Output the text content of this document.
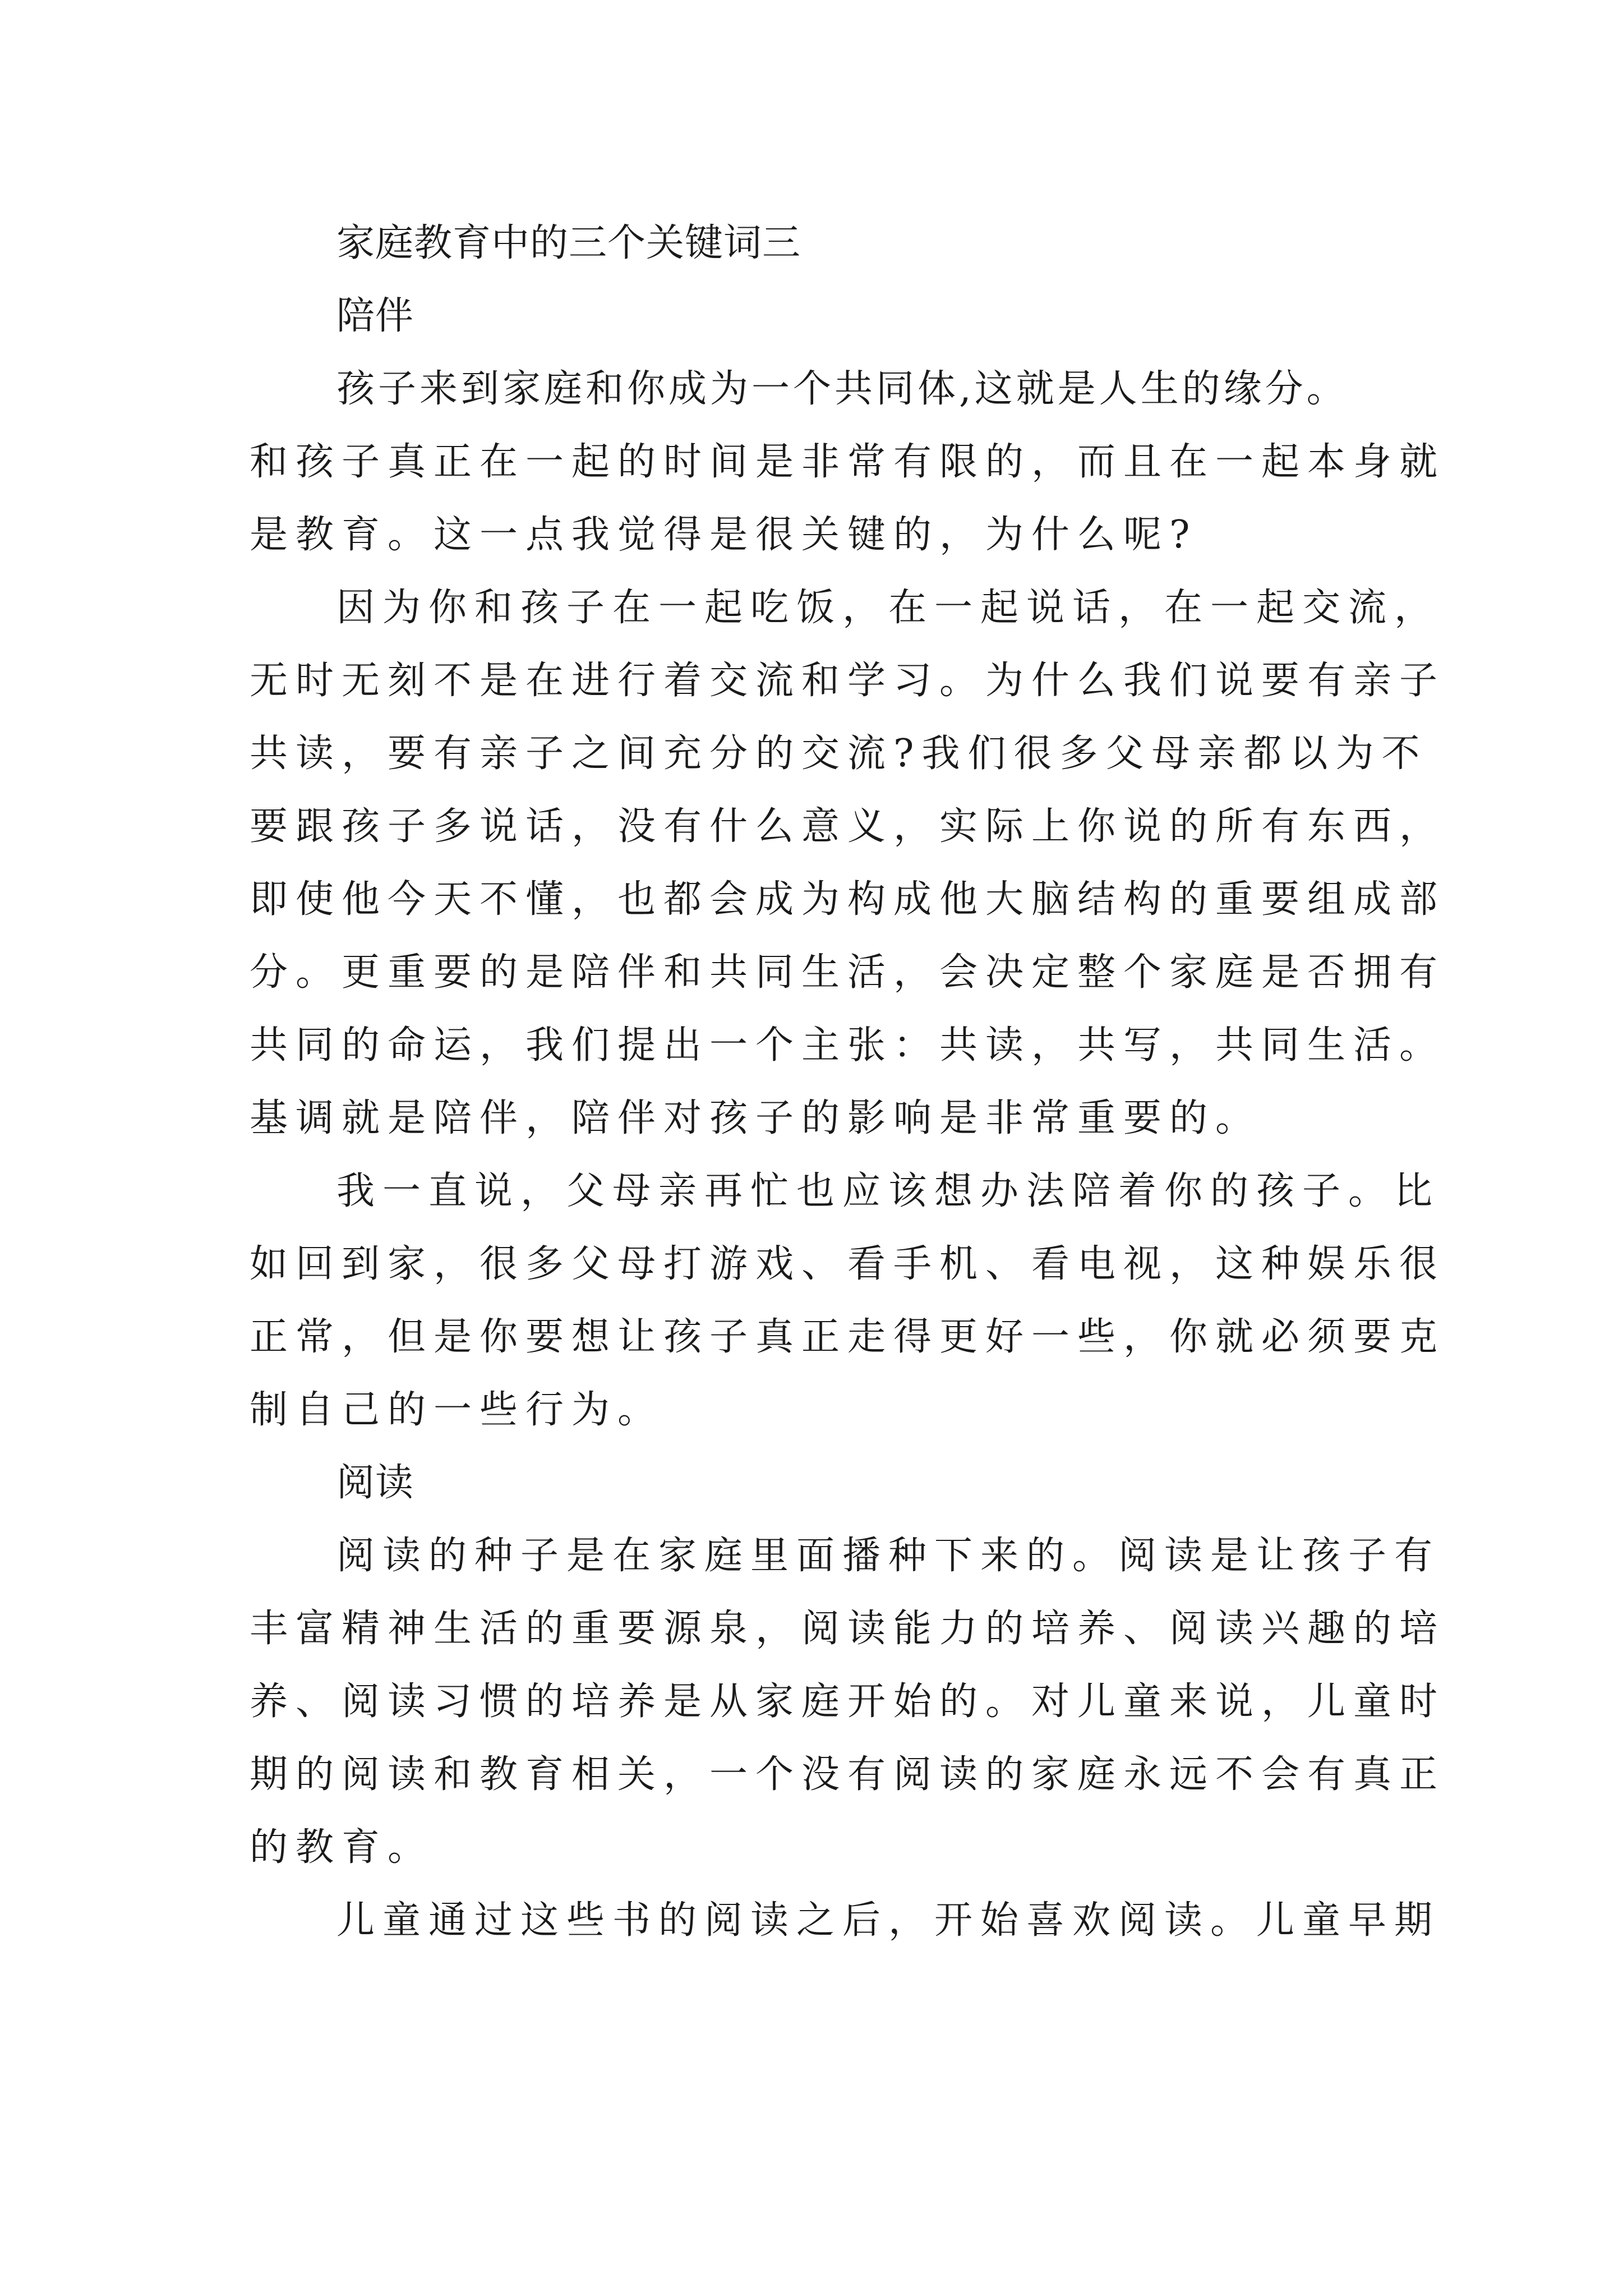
家庭教育中的三个关键词三
陪伴
孩子来到家庭和你成为一个共同体,这就是人生的缘分。
和孩子真正在一起的时间是非常有限的，而且在一起本身就
是教育。这一点我觉得是很关键的，为什么呢?
因为你和孩子在一起吃饭，在一起说话，在一起交流，
无时无刻不是在进行着交流和学习。为什么我们说要有亲子
共读，要有亲子之间充分的交流?我们很多父母亲都以为不
要跟孩子多说话，没有什么意义，实际上你说的所有东西，
即使他今天不懂，也都会成为构成他大脑结构的重要组成部
分。更重要的是陪伴和共同生活，会决定整个家庭是否拥有
共同的命运，我们提出一个主张：共读，共写，共同生活。
基调就是陪伴，陪伴对孩子的影响是非常重要的。
我一直说，父母亲再忙也应该想办法陪着你的孩子。比
如回到家，很多父母打游戏、看手机、看电视，这种娱乐很
正常，但是你要想让孩子真正走得更好一些，你就必须要克
制自己的一些行为。
阅读
阅读的种子是在家庭里面播种下来的。阅读是让孩子有
丰富精神生活的重要源泉，阅读能力的培养、阅读兴趣的培
养、阅读习惯的培养是从家庭开始的。对儿童来说，儿童时
期的阅读和教育相关，一个没有阅读的家庭永远不会有真正
的教育。
儿童通过这些书的阅读之后，开始喜欢阅读。儿童早期
